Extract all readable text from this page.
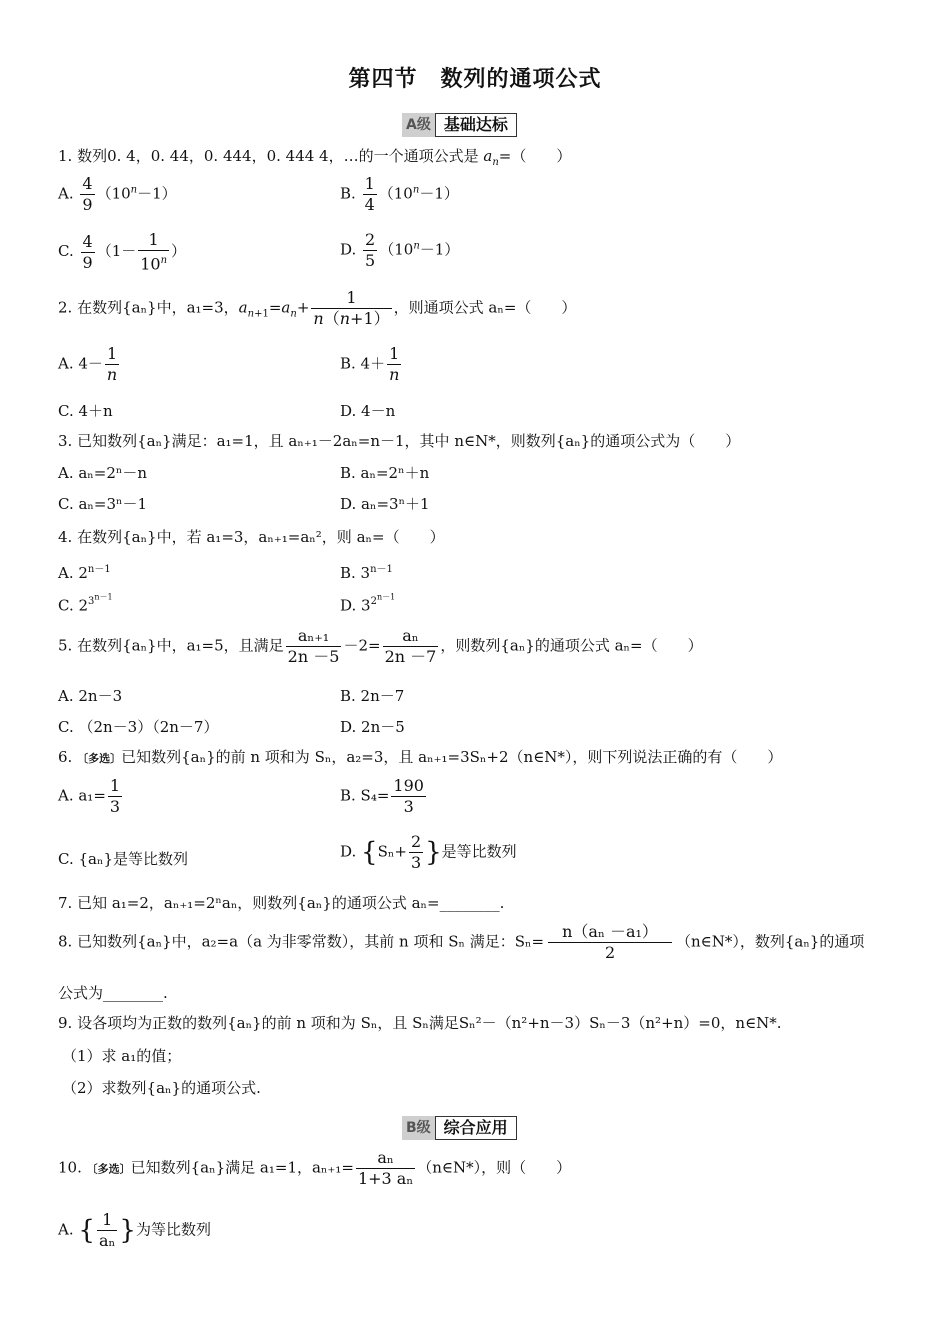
第四节　数列的通项公式
A级 基础达标
1. 数列0. 4，0. 44，0. 444，0. 444 4，…的一个通项公式是 $a_n=$（　　）
A. $\frac{4}{9} (10^n-1)$	B. $\frac{1}{4} (10^n-1)$
C. $\frac{4}{9} (1- \frac{1}{10^n}$ ）	D. $\frac{2}{5} (10^n-1)$
2. 在数列{aₙ}中，a₁=3，$a_{n+1}=a_n+ \frac{1}{n(n+1)}$ ，则通项公式 aₙ=（　　）
A. $4- \frac{1}{n}$	B. $4+ \frac{1}{n}$
C. 4＋n	D. 4－n
3. 已知数列{aₙ}满足：a₁=1，且 aₙ₊₁－2aₙ=n－1，其中 n∈N*，则数列{aₙ}的通项公式为（　　）
A. aₙ=2ⁿ－n	B. aₙ=2ⁿ＋n
C. aₙ=3ⁿ－1	D. aₙ=3ⁿ＋1
4. 在数列{aₙ}中，若 a₁=3，aₙ₊₁=aₙ²，则 aₙ=（　　）
A. $2^{n-1}$	B. $3^{n-1}$
C. $2^{3^{n-1}}$	D. $3^{2^{n-1}}$
5. 在数列{aₙ}中，a₁=5，且满足 $\frac{\text{aₙ₊₁}}{2n -5} -2= \frac{\text{aₙ}}{2n -7}$ ，则数列{aₙ}的通项公式 aₙ=（　　）
A. 2n－3	B. 2n－7
C. （2n－3）（2n－7）	D. 2n－5
6. 〔多选〕已知数列{aₙ}的前 n 项和为 Sₙ，a₂=3，且 aₙ₊₁=3Sₙ+2（n∈N*），则下列说法正确的有（　　）
A. $a_1= \frac{1}{3}$	B. $S_4= \frac{190}{3}$
C. {aₙ}是等比数列	D. {$S_n+ \frac{2}{3}$ }是等比数列
7. 已知 a₁=2，aₙ₊₁=2ⁿaₙ，则数列{aₙ}的通项公式 aₙ=________.
8. 已知数列{aₙ}中，a₂=a（a 为非零常数），其前 n 项和 Sₙ 满足：$S_n= \frac{\text{n（aₙ －a₁）}}{2}$ （n∈N*），数列{aₙ}的通项
公式为________.
9. 设各项均为正数的数列{aₙ}的前 n 项和为 Sₙ，且 Sₙ满足Sₙ²－（n²+n－3）Sₙ－3（n²+n）=0，n∈N*.
（1）求 a₁的值；
（2）求数列{aₙ}的通项公式.
B级 综合应用
10. 〔多选〕已知数列{aₙ}满足 a₁=1，$a_{n+1}= \frac{\text{aₙ}}{\text{1+3 aₙ}}$ （n∈N*），则（　　）
A. { $\frac{1}{\text{aₙ}}$ }为等比数列
